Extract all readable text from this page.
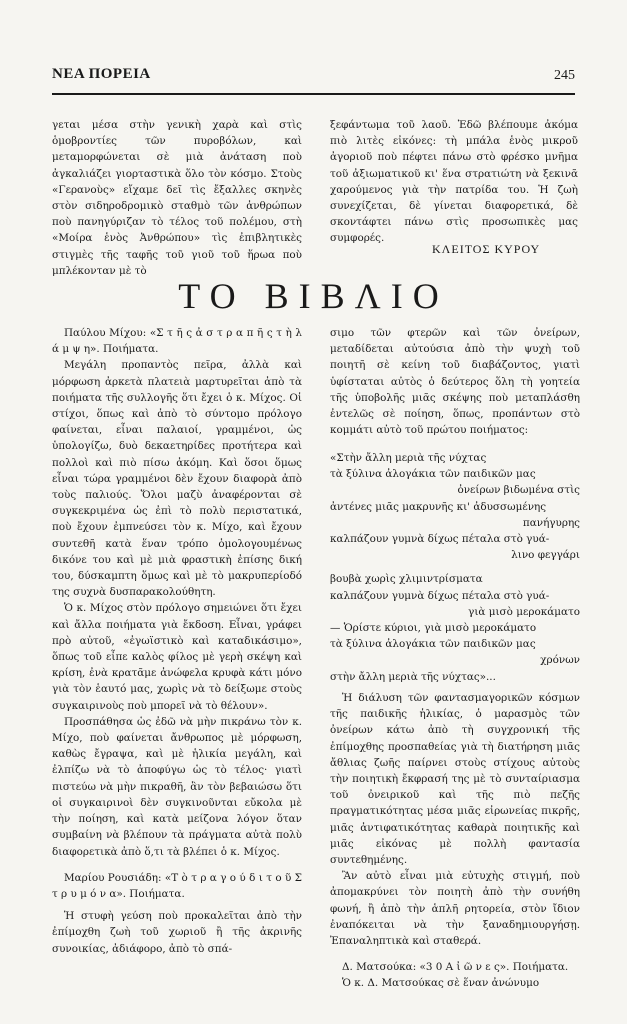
ΝΕΑ ΠΟΡΕΙΑ	245

γεται μέσα στὴν γενικὴ χαρὰ καὶ στὶς ὁμοβροντίες τῶν πυροβόλων, καὶ μεταμορφώνεται σὲ μιὰ ἀνάταση ποὺ ἀγκαλιάζει γιορταστικὰ ὅλο τὸν κόσμο. Στοὺς «Γερανοὺς» εἴχαμε δεῖ τὶς ἔξαλλες σκηνὲς στὸν σιδηροδρομικὸ σταθμὸ τῶν ἀνθρώπων ποὺ πανηγύριζαν τὸ τέλος τοῦ πολέμου, στὴ «Μοίρα ἑνὸς Ἀνθρώπου» τὶς ἐπιβλητικὲς στιγμὲς τῆς ταφῆς τοῦ γιοῦ τοῦ ἥρωα ποὺ μπλέκονταν μὲ τὸ

ξεφάντωμα τοῦ λαοῦ. Ἐδῶ βλέπουμε ἀκόμα πιὸ λιτὲς εἰκόνες: τὴ μπάλα ἑνὸς μικροῦ ἀγοριοῦ ποὺ πέφτει πάνω στὸ φρέσκο μνῆμα τοῦ ἀξιωματικοῦ κι' ἕνα στρατιώτη νὰ ξεκινᾶ χαρούμενος γιὰ τὴν πατρίδα του. Ἡ ζωὴ συνεχίζεται, δὲ γίνεται διαφορετικά, δὲ σκοντάφτει πάνω στὶς προσωπικὲς μας συμφορές.

ΚΛΕΙΤΟΣ ΚΥΡΟΥ
ΤΟ ΒΙΒΛΙΟ

Παύλου Μίχου: «Σ τ ῆ ς ἀ σ τ ρ α π ῆ ς τ ὴ λ ά μ ψ η». Ποιήματα.

Μεγάλη προπαντὸς πεῖρα, ἀλλὰ καὶ μόρφωση ἀρκετὰ πλατειὰ μαρτυρεῖται ἀπὸ τὰ ποιήματα τῆς συλλογῆς ὅτι ἔχει ὁ κ. Μίχος. Οἱ στίχοι, ὅπως καὶ ἀπὸ τὸ σύντομο πρόλογο φαίνεται, εἶναι παλαιοί, γραμμένοι, ὡς ὑπολογίζω, δυὸ δεκαετηρίδες προτήτερα καὶ πολλοὶ καὶ πιὸ πίσω ἀκόμη. Καὶ ὅσοι ὅμως εἶναι τώρα γραμμένοι δὲν ἔχουν διαφορὰ ἀπὸ τοὺς παλιούς. Ὅλοι μαζὺ ἀναφέρονται σὲ συγκεκριμένα ὡς ἐπὶ τὸ πολὺ περιστατικά, ποὺ ἔχουν ἐμπνεύσει τὸν κ. Μίχο, καὶ ἔχουν συντεθῆ κατὰ ἕναν τρόπο ὁμολογουμένως δικόνε του καὶ μὲ μιὰ φραστικὴ ἐπίσης δική του, δύσκαμπτη ὅμως καὶ μὲ τὸ μακρυπερίοδό της συχνὰ δυσπαρακολούθητη.

Ὁ κ. Μίχος στὸν πρόλογο σημειώνει ὅτι ἔχει καὶ ἄλλα ποιήματα γιὰ ἔκδοση. Εἶναι, γράφει πρὸ αὐτοῦ, «ἐγωϊστικὸ καὶ καταδικάσιμο», ὅπως τοῦ εἶπε καλὸς φίλος μὲ γερὴ σκέψη καὶ κρίση, ἐνὰ κρατᾶμε ἀνώφελα κρυφὰ κάτι μόνο γιὰ τὸν ἑαυτό μας, χωρὶς νὰ τὸ δείξωμε στοὺς συγκαιρινοὺς ποὺ μπορεῖ νὰ τὸ θέλουν».

Προσπάθησα ὡς ἐδῶ νὰ μὴν πικράνω τὸν κ. Μίχο, ποὺ φαίνεται ἄνθρωπος μὲ μόρφωση, καθὼς ἔγραψα, καὶ μὲ ἡλικία μεγάλη, καὶ ἐλπίζω νὰ τὸ ἀποφύγω ὡς τὸ τέλος· γιατὶ πιστεύω νὰ μὴν πικραθῆ, ἂν τὸν βεβαιώσω ὅτι οἱ συγκαιρινοὶ δὲν συγκινοῦνται εὔκολα μὲ τὴν ποίηση, καὶ κατὰ μείζονα λόγον ὅταν συμβαίνη νὰ βλέπουν τὰ πράγματα αὐτὰ πολὺ διαφορετικὰ ἀπὸ ὅ,τι τὰ βλέπει ὁ κ. Μίχος.

Μαρίου Ρουσιάδη: «Τ ὸ τ ρ α γ ο ύ δ ι τ ο ῦ Σ τ ρ υ μ ό ν α». Ποιήματα.

Ἡ στυφὴ γεύση ποὺ προκαλεῖται ἀπὸ τὴν ἐπίμοχθη ζωὴ τοῦ χωριοῦ ἢ τῆς ἀκρινῆς συνοικίας, ἀδιάφορο, ἀπὸ τὸ σπά-

σιμο τῶν φτερῶν καὶ τῶν ὀνείρων, μεταδίδεται αὐτούσια ἀπὸ τὴν ψυχὴ τοῦ ποιητῆ σὲ κείνη τοῦ διαβάζοντος, γιατὶ ὑφίσταται αὐτὸς ὁ δεύτερος ὅλη τὴ γοητεία τῆς ὑποβολῆς μιᾶς σκέψης ποὺ μεταπλάσθη ἐντελῶς σὲ ποίηση, ὅπως, προπάντων στὸ κομμάτι αὐτὸ τοῦ πρώτου ποιήματος:

«Στὴν ἄλλη μεριὰ τῆς νύχτας

τὰ ξύλινα ἀλογάκια τῶν παιδικῶν μας

ὀνείρων βιδωμένα στὶς

ἀντένες μιᾶς μακρυνῆς κι' ἀδυσσωμένης

πανήγυρης

καλπάζουν γυμνὰ δίχως πέταλα στὸ γυά-

λινο φεγγάρι

βουβὰ χωρὶς χλιμιντρίσματα

καλπάζουν γυμνὰ δίχως πέταλα στὸ γυά-

γιὰ μισὸ μεροκάματο

— Ὁρίστε κύριοι, γιὰ μισὸ μεροκάματο

τὰ ξύλινα ἀλογάκια τῶν παιδικῶν μας

χρόνων

στὴν ἄλλη μεριὰ τῆς νύχτας»...

Ἡ διάλυση τῶν φαντασμαγορικῶν κόσμων τῆς παιδικῆς ἡλικίας, ὁ μαρασμὸς τῶν ὀνείρων κάτω ἀπὸ τὴ συγχρονική τῆς ἐπίμοχθης προσπαθείας γιὰ τὴ διατήρηση μιᾶς ἄθλιας ζωῆς παίρνει στοὺς στίχους αὐτοὺς τὴν ποιητικὴ ἔκφρασή της μὲ τὸ συνταίριασμα τοῦ ὀνειρικοῦ καὶ τῆς πιὸ πεζῆς πραγματικότητας μέσα μιᾶς εἰρωνείας πικρῆς, μιᾶς ἀντιφατικότητας καθαρὰ ποιητικῆς καὶ μιᾶς εἰκόνας μὲ πολλὴ φαντασία συντεθημένης.

Ἂν αὐτὸ εἶναι μιὰ εὐτυχὴς στιγμή, ποὺ ἀπομακρύνει τὸν ποιητὴ ἀπὸ τὴν συνήθη φωνή, ἢ ἀπὸ τὴν ἁπλῆ ρητορεία, στὸν ἴδιον ἐναπόκειται νὰ τὴν ξαναδημιουργήσῃ. Ἐπαναληπτικὰ καὶ σταθερά.

Δ. Ματσούκα: «3 0 Α ἰ ῶ ν ε ς». Ποιήματα.

Ὁ κ. Δ. Ματσούκας σὲ ἕναν ἀνώνυμο
